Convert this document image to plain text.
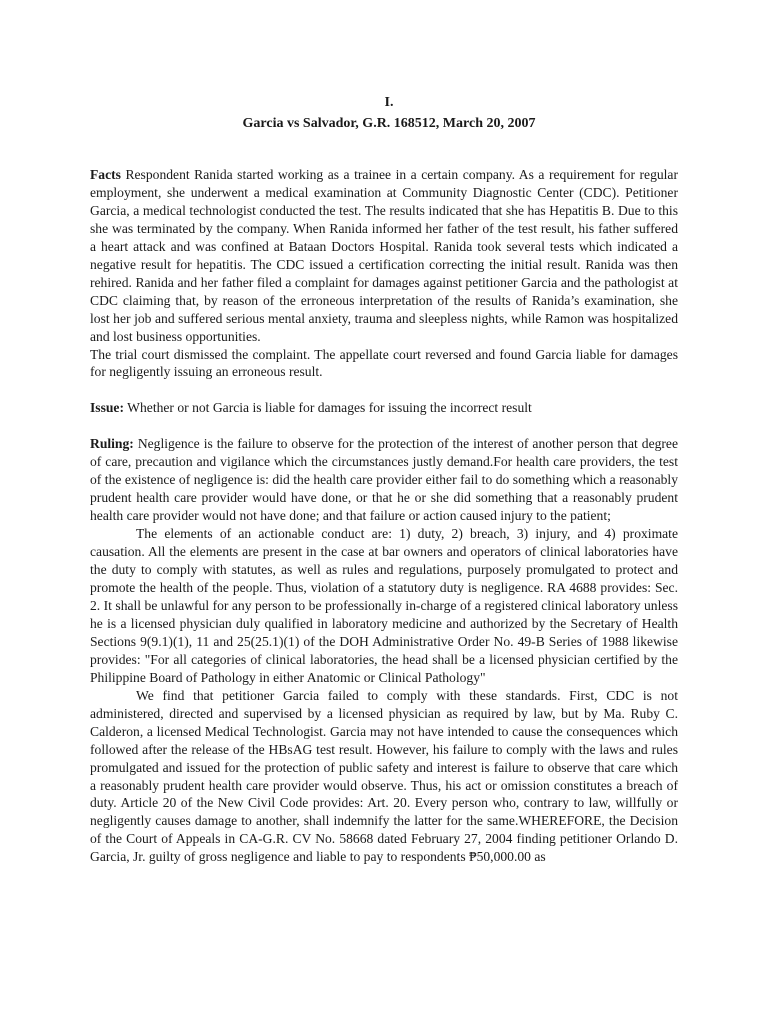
I.
Garcia vs Salvador, G.R. 168512, March 20, 2007

Facts Respondent Ranida started working as a trainee in a certain company. As a requirement for regular employment, she underwent a medical examination at Community Diagnostic Center (CDC). Petitioner Garcia, a medical technologist conducted the test. The results indicated that she has Hepatitis B. Due to this she was terminated by the company. When Ranida informed her father of the test result, his father suffered a heart attack and was confined at Bataan Doctors Hospital. Ranida took several tests which indicated a negative result for hepatitis. The CDC issued a certification correcting the initial result. Ranida was then rehired. Ranida and her father filed a complaint for damages against petitioner Garcia and the pathologist at CDC claiming that, by reason of the erroneous interpretation of the results of Ranida’s examination, she lost her job and suffered serious mental anxiety, trauma and sleepless nights, while Ramon was hospitalized and lost business opportunities.

The trial court dismissed the complaint. The appellate court reversed and found Garcia liable for damages for negligently issuing an erroneous result.

Issue: Whether or not Garcia is liable for damages for issuing the incorrect result

Ruling: Negligence is the failure to observe for the protection of the interest of another person that degree of care, precaution and vigilance which the circumstances justly demand.For health care providers, the test of the existence of negligence is: did the health care provider either fail to do something which a reasonably prudent health care provider would have done, or that he or she did something that a reasonably prudent health care provider would not have done; and that failure or action caused injury to the patient;

The elements of an actionable conduct are: 1) duty, 2) breach, 3) injury, and 4) proximate causation. All the elements are present in the case at bar owners and operators of clinical laboratories have the duty to comply with statutes, as well as rules and regulations, purposely promulgated to protect and promote the health of the people. Thus, violation of a statutory duty is negligence. RA 4688 provides: Sec. 2. It shall be unlawful for any person to be professionally in-charge of a registered clinical laboratory unless he is a licensed physician duly qualified in laboratory medicine and authorized by the Secretary of Health Sections 9(9.1)(1), 11 and 25(25.1)(1) of the DOH Administrative Order No. 49-B Series of 1988 likewise provides: "For all categories of clinical laboratories, the head shall be a licensed physician certified by the Philippine Board of Pathology in either Anatomic or Clinical Pathology"

We find that petitioner Garcia failed to comply with these standards. First, CDC is not administered, directed and supervised by a licensed physician as required by law, but by Ma. Ruby C. Calderon, a licensed Medical Technologist. Garcia may not have intended to cause the consequences which followed after the release of the HBsAG test result. However, his failure to comply with the laws and rules promulgated and issued for the protection of public safety and interest is failure to observe that care which a reasonably prudent health care provider would observe. Thus, his act or omission constitutes a breach of duty. Article 20 of the New Civil Code provides: Art. 20. Every person who, contrary to law, willfully or negligently causes damage to another, shall indemnify the latter for the same.WHEREFORE, the Decision of the Court of Appeals in CA-G.R. CV No. 58668 dated February 27, 2004 finding petitioner Orlando D. Garcia, Jr. guilty of gross negligence and liable to pay to respondents ₱50,000.00 as
